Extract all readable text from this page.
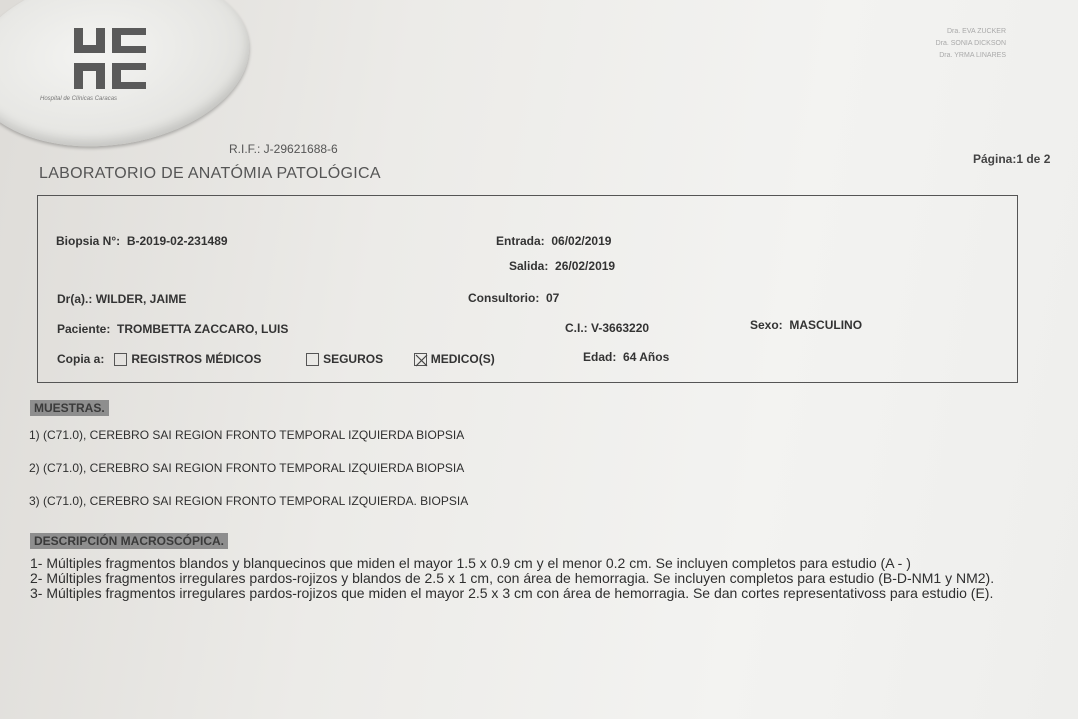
Hospital de Clínicas Caracas
Dra. EVA ZUCKER
Dra. SONIA DICKSON
Dra. YRMA LINARES
R.I.F.: J-29621688-6
LABORATORIO DE ANATÓMIA PATOLÓGICA
Página:1 de 2
Biopsia N°: B-2019-02-231489	Entrada: 06/02/2019
Salida: 26/02/2019
Dr(a).: WILDER, JAIME	Consultorio: 07
Paciente: TROMBETTA ZACCARO, LUIS	C.I.: V-3663220	Sexo: MASCULINO
Copia a: REGISTROS MÉDICOS	SEGUROS	MEDICO(S)	Edad: 64 Años
MUESTRAS.
1) (C71.0), CEREBRO SAI REGION FRONTO TEMPORAL IZQUIERDA BIOPSIA
2) (C71.0), CEREBRO SAI REGION FRONTO TEMPORAL IZQUIERDA BIOPSIA
3) (C71.0), CEREBRO SAI REGION FRONTO TEMPORAL IZQUIERDA. BIOPSIA
DESCRIPCIÓN MACROSCÓPICA.

1- Múltiples fragmentos blandos y blanquecinos que miden el mayor 1.5 x 0.9 cm y el menor 0.2 cm. Se incluyen completos para estudio (A - )

2- Múltiples fragmentos irregulares pardos-rojizos y blandos de 2.5 x 1 cm, con área de hemorragia. Se incluyen completos para estudio (B-D-NM1 y NM2).

3- Múltiples fragmentos irregulares pardos-rojizos que miden el mayor 2.5 x 3 cm con área de hemorragia. Se dan cortes representativoss para estudio (E).
